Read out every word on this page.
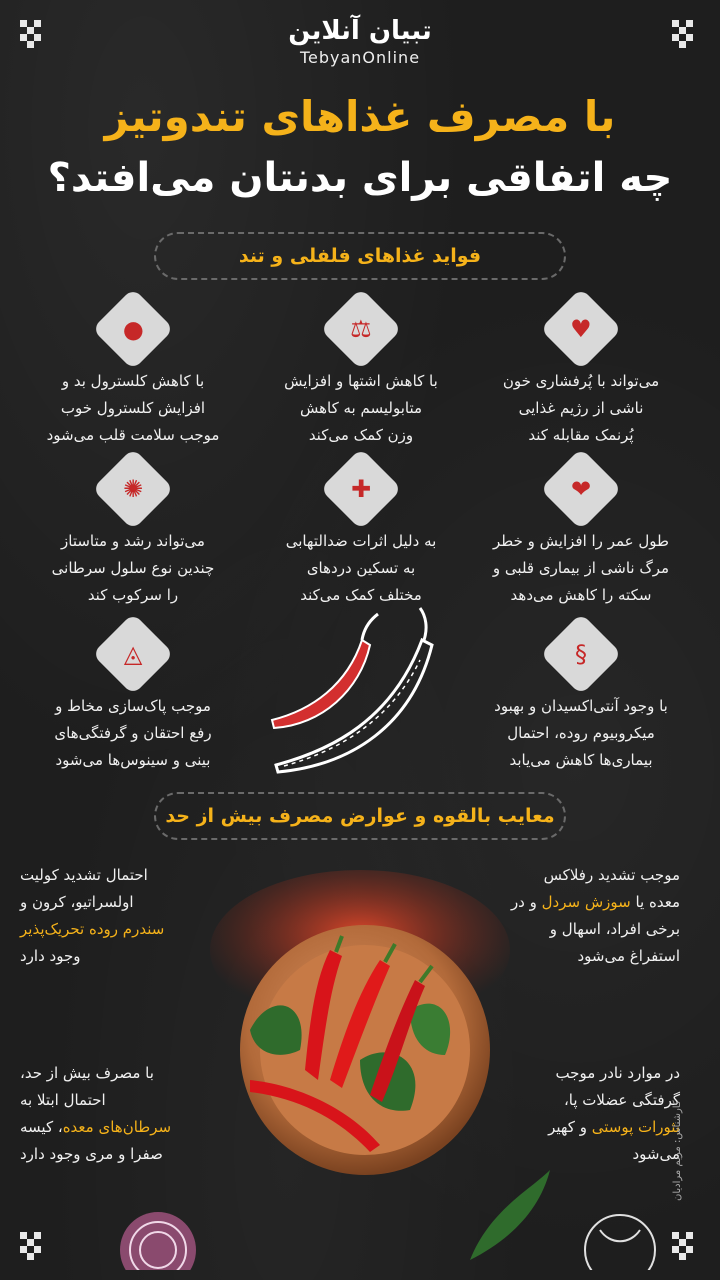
تبیان آنلاین
TebyanOnline
با مصرف غذاهای تندوتیز
چه اتفاقی برای بدنتان می‌افتد؟
فواید غذاهای فلفلی و تند
♥
می‌تواند با پُرفشاری خون
ناشی از رژیم غذایی
پُرنمک مقابله کند
⚖
با کاهش اشتها و افزایش
متابولیسم به کاهش
وزن کمک می‌کند
●
با کاهش کلسترول بد و
افزایش کلسترول خوب
موجب سلامت قلب می‌شود
❤
طول عمر را افزایش و خطر
مرگ ناشی از بیماری قلبی و
سکته را کاهش می‌دهد
✚
به دلیل اثرات ضدالتهابی
به تسکین دردهای
مختلف کمک می‌کند
✺
می‌تواند رشد و متاستاز
چندین نوع سلول سرطانی
را سرکوب کند
§
با وجود آنتی‌اکسیدان و بهبود
میکروبیوم روده، احتمال
بیماری‌ها کاهش می‌یابد
◬
موجب پاک‌سازی مخاط و
رفع احتقان و گرفتگی‌های
بینی و سینوس‌ها می‌شود
معایب بالقوه و عوارض مصرف بیش از حد
موجب تشدید رفلاکس
معده یا سوزش سردل و در
برخی افراد، اسهال و
استفراغ می‌شود
احتمال تشدید کولیت
اولسراتیو، کرون و
سندرم روده تحریک‌پذیر
وجود دارد
در موارد نادر موجب
گرفتگی عضلات پا،
بثورات پوستی و کهیر
می‌شود
با مصرف بیش از حد،
احتمال ابتلا به
سرطان‌های معده، کیسه
صفرا و مری وجود دارد	کارشناس: مریم مرادیان
